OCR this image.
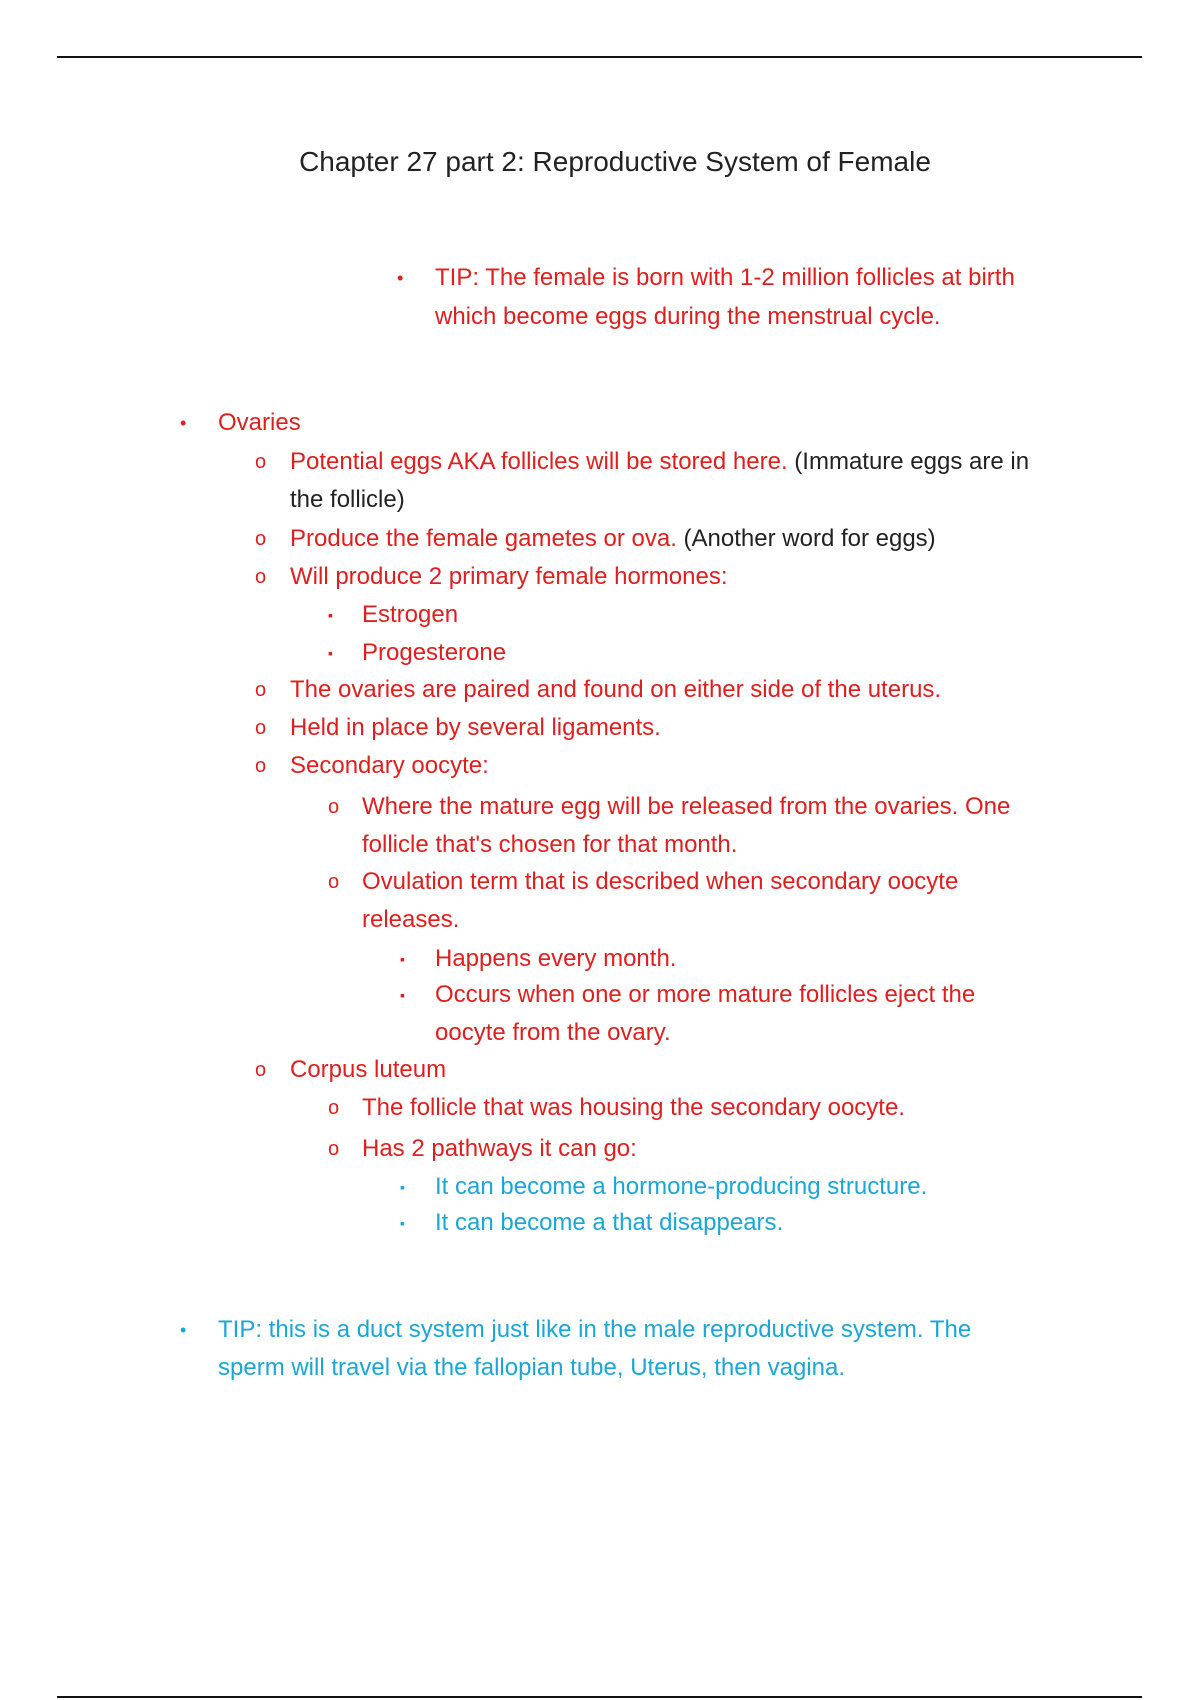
Chapter 27 part 2: Reproductive System of Female
• TIP: The female is born with 1-2 million follicles at birth
which become eggs during the menstrual cycle.
• Ovaries
o Potential eggs AKA follicles will be stored here. (Immature eggs are in
the follicle)
o Produce the female gametes or ova. (Another word for eggs)
o Will produce 2 primary female hormones:
▪ Estrogen
▪ Progesterone
o The ovaries are paired and found on either side of the uterus.
o Held in place by several ligaments.
o Secondary oocyte:
o Where the mature egg will be released from the ovaries. One
follicle that's chosen for that month.
o Ovulation term that is described when secondary oocyte
releases.
▪ Happens every month.
▪ Occurs when one or more mature follicles eject the
oocyte from the ovary.
o Corpus luteum
o The follicle that was housing the secondary oocyte.
o Has 2 pathways it can go:
▪ It can become a hormone-producing structure.
▪ It can become a that disappears.
• TIP: this is a duct system just like in the male reproductive system. The
sperm will travel via the fallopian tube, Uterus, then vagina.
